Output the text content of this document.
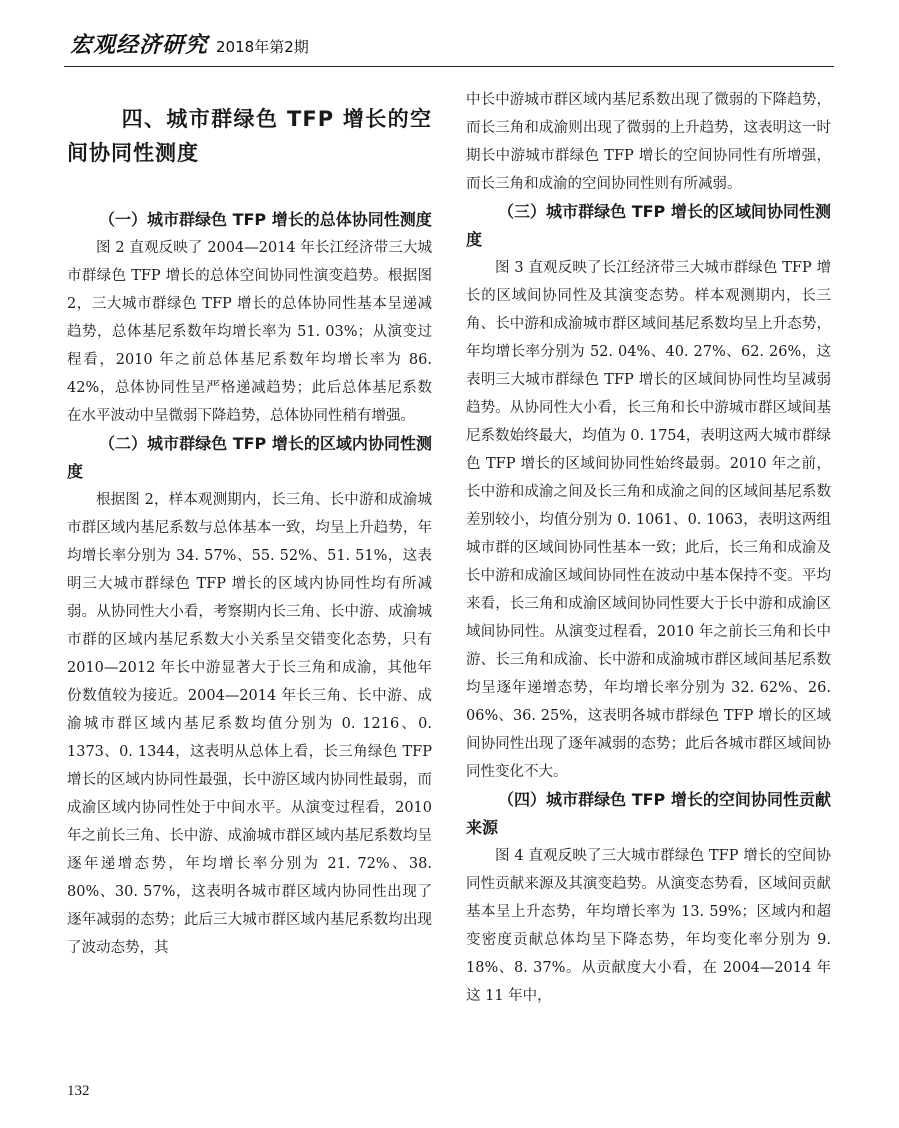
宏观经济研究 2018年第2期
四、城市群绿色 TFP 增长的空间协同性测度
（一）城市群绿色 TFP 增长的总体协同性测度

图 2 直观反映了 2004—2014 年长江经济带三大城市群绿色 TFP 增长的总体空间协同性演变趋势。根据图 2，三大城市群绿色 TFP 增长的总体协同性基本呈递减趋势，总体基尼系数年均增长率为 51. 03%；从演变过程看，2010 年之前总体基尼系数年均增长率为 86. 42%，总体协同性呈严格递减趋势；此后总体基尼系数在水平波动中呈微弱下降趋势，总体协同性稍有增强。

（二）城市群绿色 TFP 增长的区域内协同性测度

根据图 2，样本观测期内，长三角、长中游和成渝城市群区域内基尼系数与总体基本一致，均呈上升趋势，年均增长率分别为 34. 57%、55. 52%、51. 51%，这表明三大城市群绿色 TFP 增长的区域内协同性均有所减弱。从协同性大小看，考察期内长三角、长中游、成渝城市群的区域内基尼系数大小关系呈交错变化态势，只有 2010—2012 年长中游显著大于长三角和成渝，其他年份数值较为接近。2004—2014 年长三角、长中游、成渝城市群区域内基尼系数均值分别为 0. 1216、0. 1373、0. 1344，这表明从总体上看，长三角绿色 TFP 增长的区域内协同性最强，长中游区域内协同性最弱，而成渝区域内协同性处于中间水平。从演变过程看，2010 年之前长三角、长中游、成渝城市群区域内基尼系数均呈逐年递增态势，年均增长率分别为 21. 72%、38. 80%、30. 57%，这表明各城市群区域内协同性出现了逐年减弱的态势；此后三大城市群区域内基尼系数均出现了波动态势，其

中长中游城市群区域内基尼系数出现了微弱的下降趋势，而长三角和成渝则出现了微弱的上升趋势，这表明这一时期长中游城市群绿色 TFP 增长的空间协同性有所增强，而长三角和成渝的空间协同性则有所减弱。

（三）城市群绿色 TFP 增长的区域间协同性测度

图 3 直观反映了长江经济带三大城市群绿色 TFP 增长的区域间协同性及其演变态势。样本观测期内，长三角、长中游和成渝城市群区域间基尼系数均呈上升态势，年均增长率分别为 52. 04%、40. 27%、62. 26%，这表明三大城市群绿色 TFP 增长的区域间协同性均呈减弱趋势。从协同性大小看，长三角和长中游城市群区域间基尼系数始终最大，均值为 0. 1754，表明这两大城市群绿色 TFP 增长的区域间协同性始终最弱。2010 年之前，长中游和成渝之间及长三角和成渝之间的区域间基尼系数差别较小，均值分别为 0. 1061、0. 1063，表明这两组城市群的区域间协同性基本一致；此后，长三角和成渝及长中游和成渝区域间协同性在波动中基本保持不变。平均来看，长三角和成渝区域间协同性要大于长中游和成渝区域间协同性。从演变过程看，2010 年之前长三角和长中游、长三角和成渝、长中游和成渝城市群区域间基尼系数均呈逐年递增态势，年均增长率分别为 32. 62%、26. 06%、36. 25%，这表明各城市群绿色 TFP 增长的区域间协同性出现了逐年减弱的态势；此后各城市群区域间协同性变化不大。

（四）城市群绿色 TFP 增长的空间协同性贡献来源

图 4 直观反映了三大城市群绿色 TFP 增长的空间协同性贡献来源及其演变趋势。从演变态势看，区域间贡献基本呈上升态势，年均增长率为 13. 59%；区域内和超变密度贡献总体均呈下降态势，年均变化率分别为 9. 18%、8. 37%。从贡献度大小看，在 2004—2014 年这 11 年中，

132
